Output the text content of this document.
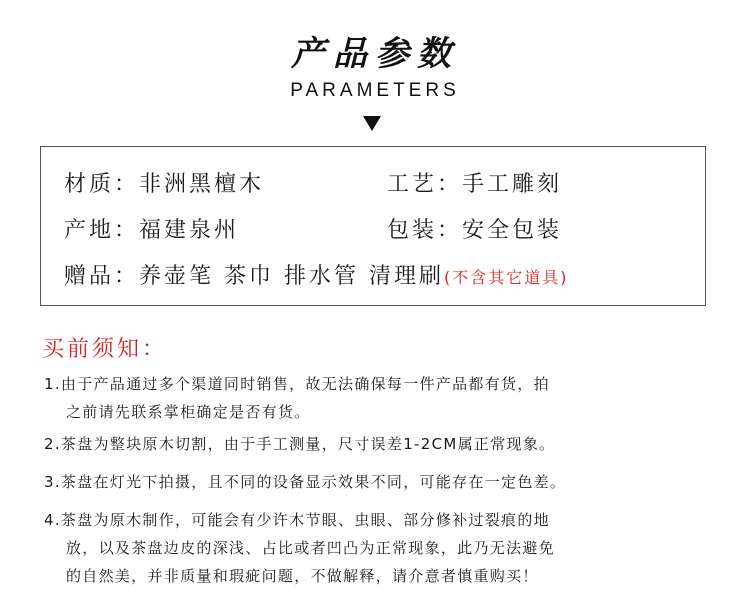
产品参数
PARAMETERS
材质：非洲黑檀木	工艺：手工雕刻
产地：福建泉州	包装：安全包装
赠品：养壶笔 茶巾 排水管 清理刷(不含其它道具)
买前须知：
1.由于产品通过多个渠道同时销售，故无法确保每一件产品都有货，拍
之前请先联系掌柜确定是否有货。
2.茶盘为整块原木切割，由于手工测量，尺寸误差1-2CM属正常现象。
3.茶盘在灯光下拍摄，且不同的设备显示效果不同，可能存在一定色差。
4.茶盘为原木制作，可能会有少许木节眼、虫眼、部分修补过裂痕的地
放，以及茶盘边皮的深浅、占比或者凹凸为正常现象，此乃无法避免
的自然美，并非质量和瑕疵问题，不做解释，请介意者慎重购买！
